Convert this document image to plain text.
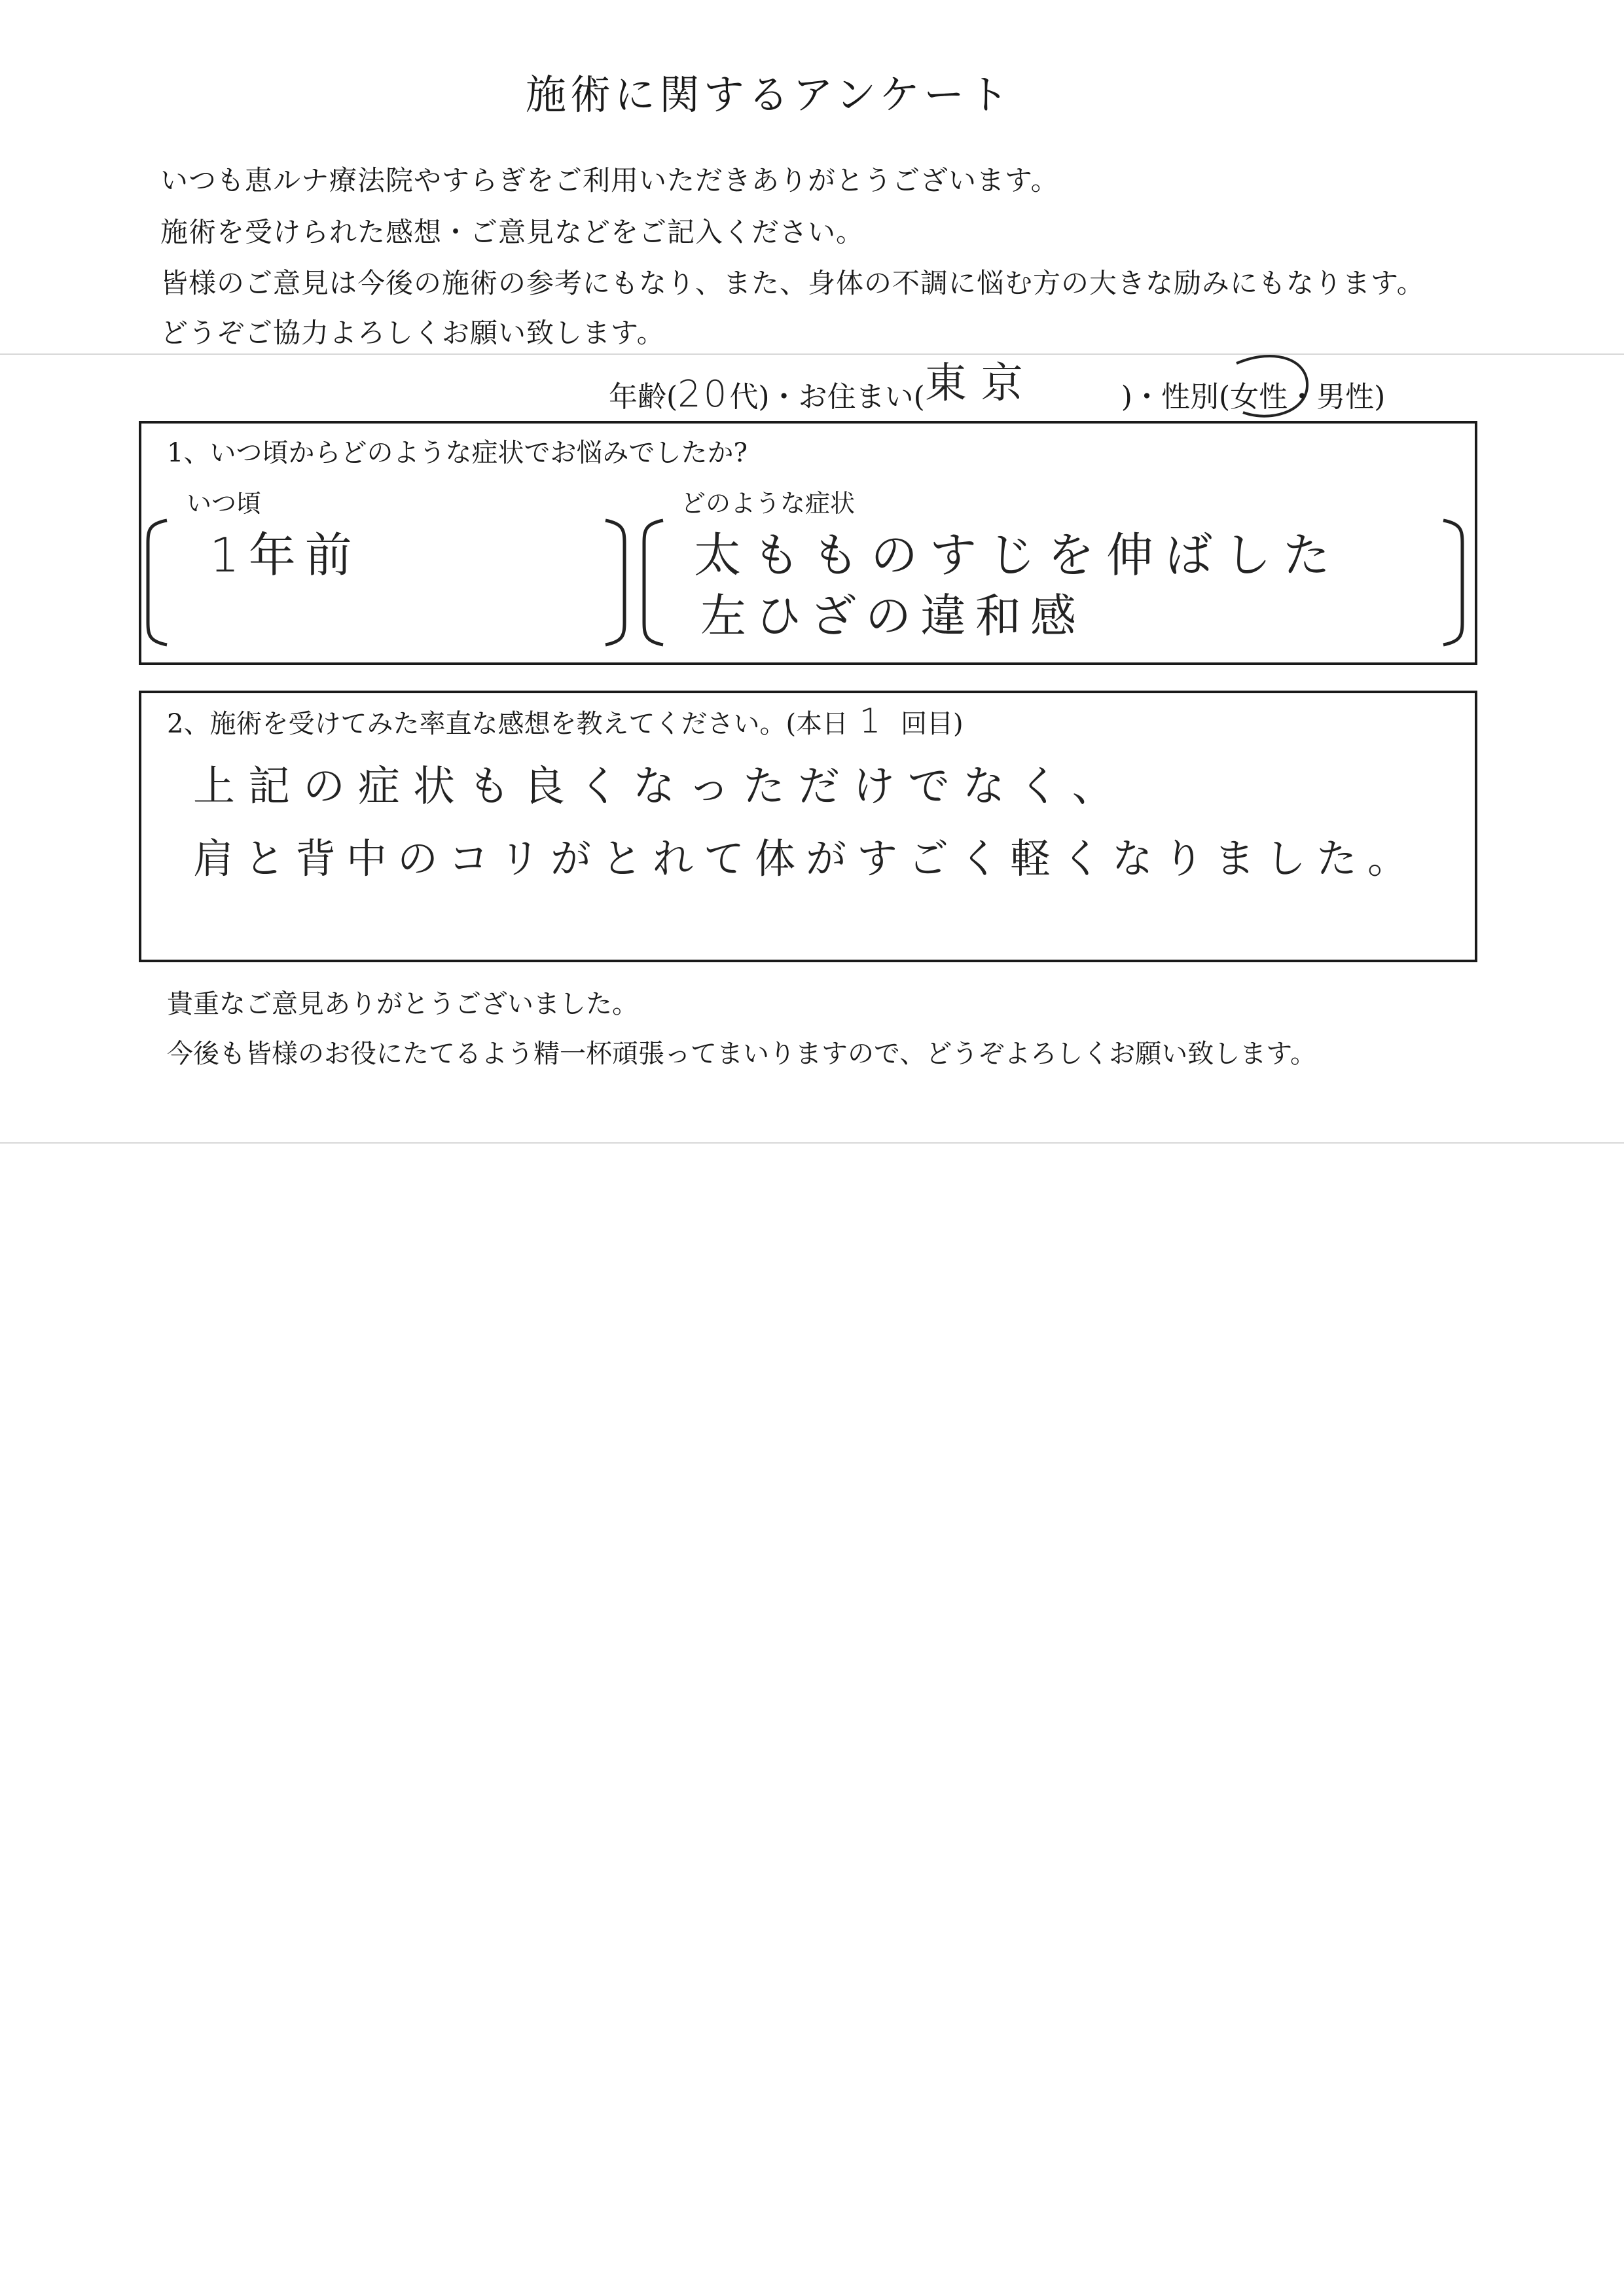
施術に関するアンケート
いつも恵ルナ療法院やすらぎをご利用いただきありがとうございます。
施術を受けられた感想・ご意見などをご記入ください。
皆様のご意見は今後の施術の参考にもなり、また、身体の不調に悩む方の大きな励みにもなります。
どうぞご協力よろしくお願い致します。
年齢(20代)・お住まい(東京	)・性別(女性
・男性)
1、いつ頃からどのような症状でお悩みでしたか?
いつ頃	どのような症状
1年前	太もものすじを伸ばした
左ひざの違和感
2、施術を受けてみた率直な感想を教えてください。(本日 1 回目)
上記の症状も良くなっただけでなく、
肩と背中のコリがとれて体がすごく軽くなりました。
貴重なご意見ありがとうございました。
今後も皆様のお役にたてるよう精一杯頑張ってまいりますので、どうぞよろしくお願い致します。
